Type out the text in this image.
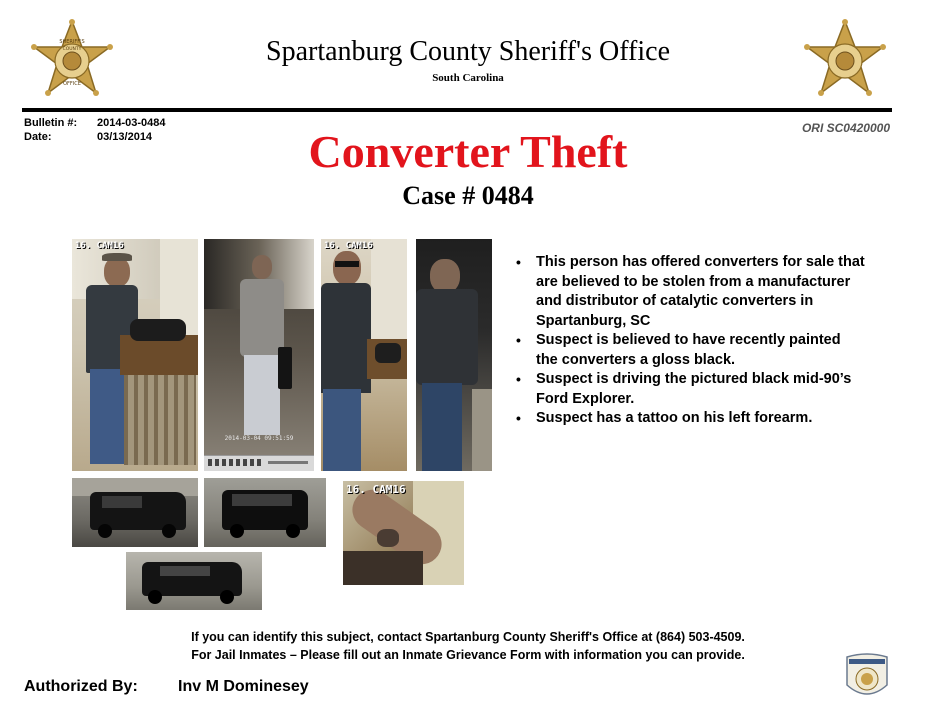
SHERIFF'S
COUNTY
OFFICE
Spartanburg County Sheriff's Office
South Carolina
Bulletin #: 2014-03-0484
Date:	03/13/2014
ORI SC0420000
Converter Theft
Case # 0484
16. CAM16
2014-03-04 09:51:59
16. CAM16
16. CAM16
• This person has offered converters for sale that are believed to be stolen from a manufacturer and distributor of catalytic converters in Spartanburg, SC
• Suspect is believed to have recently painted the converters a gloss black.
• Suspect is driving the pictured black mid-90’s Ford Explorer.
• Suspect has a tattoo on his left forearm.
If you can identify this subject, contact Spartanburg County Sheriff's Office at (864) 503-4509.
For Jail Inmates – Please fill out an Inmate Grievance Form with information you can provide.
Authorized By:	Inv M Dominesey
